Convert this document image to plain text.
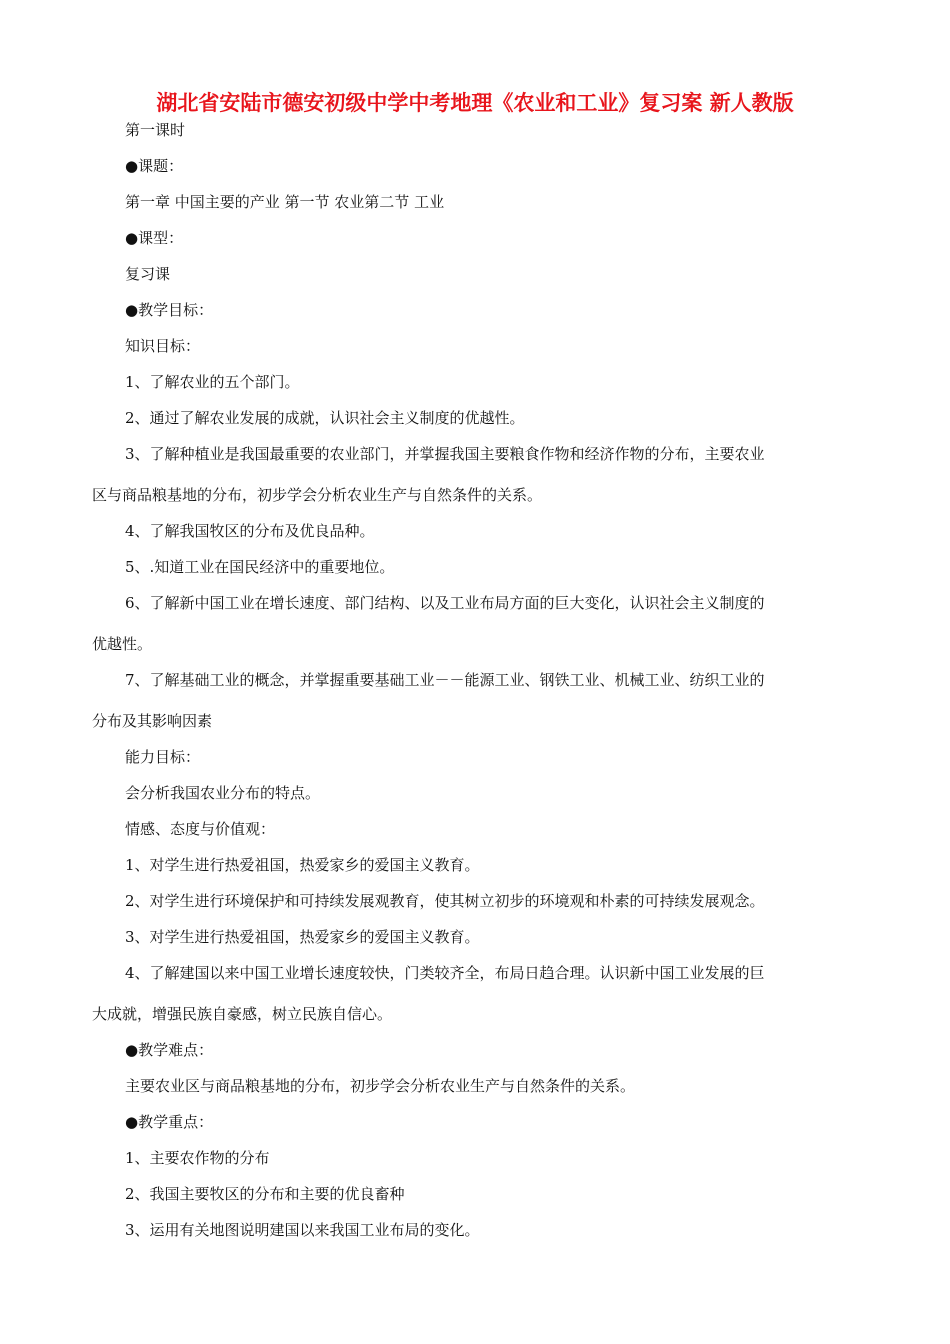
湖北省安陆市德安初级中学中考地理《农业和工业》复习案 新人教版
第一课时
●课题：
第一章 中国主要的产业 第一节 农业第二节 工业
●课型：
复习课
●教学目标：
知识目标：
1、了解农业的五个部门。
2、通过了解农业发展的成就，认识社会主义制度的优越性。
3、了解种植业是我国最重要的农业部门，并掌握我国主要粮食作物和经济作物的分布，主要农业
区与商品粮基地的分布，初步学会分析农业生产与自然条件的关系。
4、了解我国牧区的分布及优良品种。
5、.知道工业在国民经济中的重要地位。
6、了解新中国工业在增长速度、部门结构、以及工业布局方面的巨大变化，认识社会主义制度的
优越性。
7、了解基础工业的概念，并掌握重要基础工业－－能源工业、钢铁工业、机械工业、纺织工业的
分布及其影响因素
能力目标：
会分析我国农业分布的特点。
情感、态度与价值观：
1、对学生进行热爱祖国，热爱家乡的爱国主义教育。
2、对学生进行环境保护和可持续发展观教育，使其树立初步的环境观和朴素的可持续发展观念。
3、对学生进行热爱祖国，热爱家乡的爱国主义教育。
4、了解建国以来中国工业增长速度较快，门类较齐全，布局日趋合理。认识新中国工业发展的巨
大成就，增强民族自豪感，树立民族自信心。
●教学难点：
主要农业区与商品粮基地的分布，初步学会分析农业生产与自然条件的关系。
●教学重点：
1、主要农作物的分布
2、我国主要牧区的分布和主要的优良畜种
3、运用有关地图说明建国以来我国工业布局的变化。
